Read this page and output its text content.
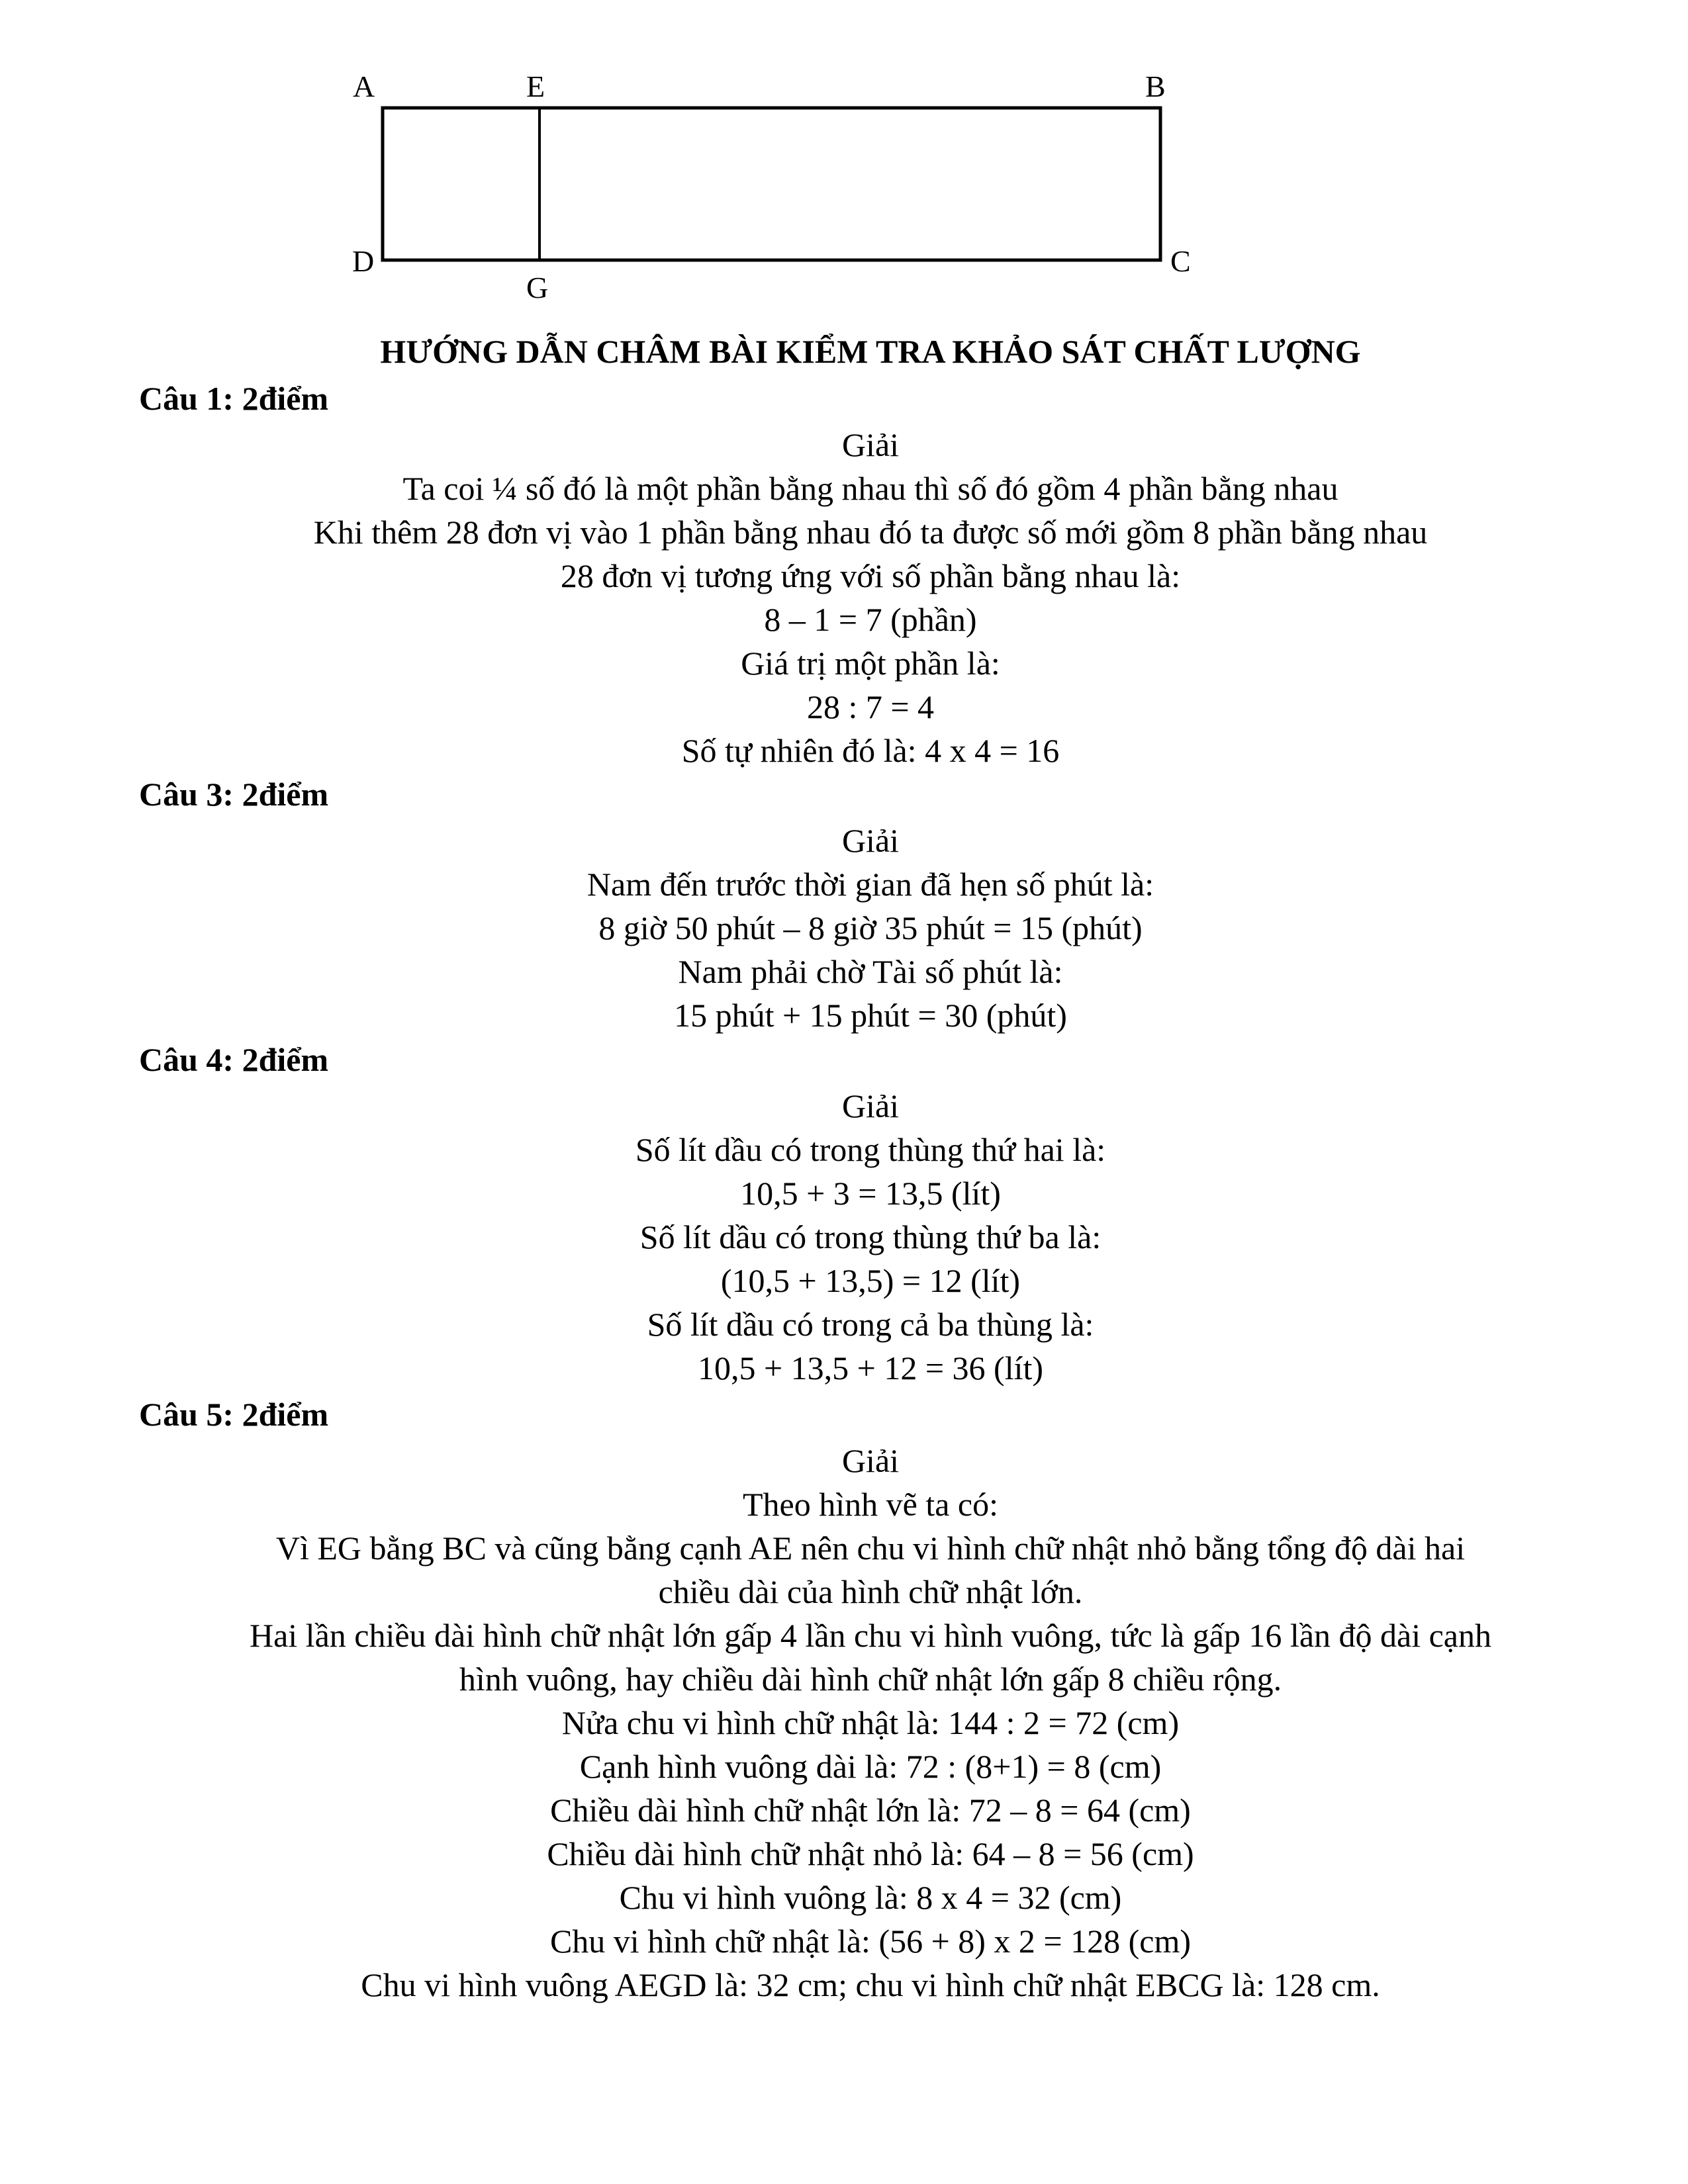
A	E	B
D
G
C
HƯỚNG DẪN CHÂM BÀI KIỂM TRA KHẢO SÁT CHẤT LƯỢNG
Câu 1: 2điểm
Giải
Ta coi ¼ số đó là một phần bằng nhau thì số đó gồm 4 phần bằng nhau
Khi thêm 28 đơn vị vào 1 phần bằng nhau đó ta được số mới gồm 8 phần bằng nhau
28 đơn vị tương ứng với số phần bằng nhau là:
8 – 1 = 7 (phần)
Giá trị một phần là:
28 : 7 = 4
Số tự nhiên đó là: 4 x 4 = 16
Câu 3: 2điểm
Giải
Nam đến trước thời gian đã hẹn số phút là:
8 giờ 50 phút – 8 giờ 35 phút = 15 (phút)
Nam phải chờ Tài số phút là:
15 phút + 15 phút = 30 (phút)
Câu 4: 2điểm
Giải
Số lít dầu có trong thùng thứ hai là:
10,5 + 3 = 13,5 (lít)
Số lít dầu có trong thùng thứ ba là:
(10,5 + 13,5) = 12 (lít)
Số lít dầu có trong cả ba thùng là:
10,5 + 13,5 + 12 = 36 (lít)
Câu 5: 2điểm
Giải
Theo hình vẽ ta có:
Vì EG bằng BC và cũng bằng cạnh AE nên chu vi hình chữ nhật nhỏ bằng tổng độ dài hai
chiều dài của hình chữ nhật lớn.
Hai lần chiều dài hình chữ nhật lớn gấp 4 lần chu vi hình vuông, tức là gấp 16 lần độ dài cạnh
hình vuông, hay chiều dài hình chữ nhật lớn gấp 8 chiều rộng.
Nửa chu vi hình chữ nhật là: 144 : 2 = 72 (cm)
Cạnh hình vuông dài là: 72 : (8+1) = 8 (cm)
Chiều dài hình chữ nhật lớn là: 72 – 8 = 64 (cm)
Chiều dài hình chữ nhật nhỏ là: 64 – 8 = 56 (cm)
Chu vi hình vuông là: 8 x 4 = 32 (cm)
Chu vi hình chữ nhật là: (56 + 8) x 2 = 128 (cm)
Chu vi hình vuông AEGD là: 32 cm; chu vi hình chữ nhật EBCG là: 128 cm.
